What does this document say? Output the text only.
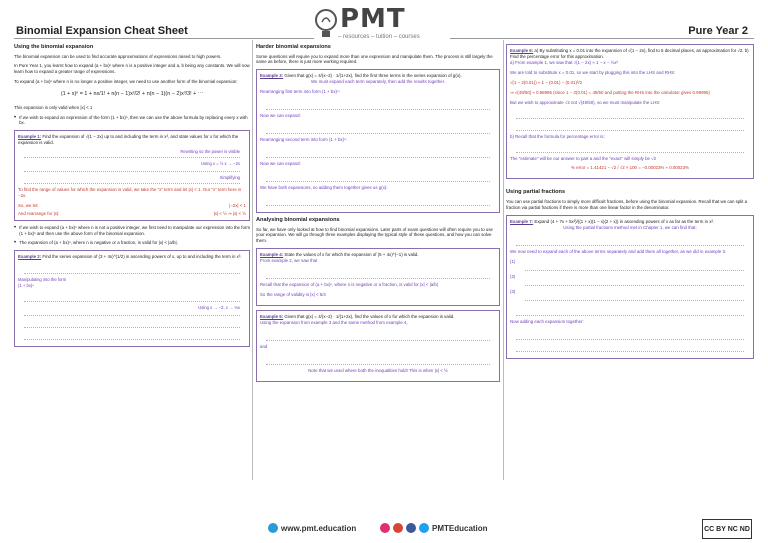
Binomial Expansion Cheat Sheet	PMT
– resources – tuition – courses	Pure Year 2
Using the binomial expansion

The binomial expansion can be used to find accurate approximations of expressions raised to high powers.

In Pure Year 1, you learnt how to expand (a + bx)ⁿ where n is a positive integer and a, b being any constants. We will now learn how to expand a greater range of expressions.

To expand (a + bx)ⁿ where n is no longer a positive integer, we need to use another form of the binomial expansion:

(1 + x)ⁿ = 1 + nx/1! + n(n − 1)x²/2! + n(n − 1)(n − 2)x³/3! + ⋯

This expansion is only valid when |x| < 1

• If we wish to expand an expression of the form (1 + bx)ⁿ, then we can use the above formula by replacing every x with bx.
Example 1: Find the expansion of √(1 − 2x) up to and including the term in x³, and state values for x for which the expansion is valid.
Rewriting so the power is visible
Using x = ½ x → −2x
Simplifying

To find the range of values for which the expansion is valid, we take the "x" term and let |x| < 1. Our "x" term here is −2x.

So, we let:	|−2x| < 1
And rearrange for |x|:	|x| < ½ ⇒ |x| < ½
• If we wish to expand (a + bx)ⁿ where n is not a positive integer, we first need to manipulate our expression into the form (1 + bx)ⁿ and then use the above form of the binomial expansion.
• The expansion of (a + bx)ⁿ, where n is negative or a fraction, is valid for |x| < |a/b|.
Example 2: Find the series expansion of (3 + 4x)^(1/2) in ascending powers of x, up to and including the term in x³.
Manipulating into the form (1 + bx)ⁿ
Using x → −2, x → ⅓x
Harder binomial expansions

Some questions will require you to expand more than one expression and manipulate them. The process is still largely the same as before, there is just more working required.

Example 3: Given that g(x) = 4/(x−2) · 1/(1+2x), find the first three terms in the series expansion of g(x).

We must expand each term separately, then add the results together.

Rearranging first term into form (1 + bx)ⁿ:

Now we can expand:

Rearranging second term into form (1 + bx)ⁿ:

Now we can expand:

We have both expansions, so adding them together gives us g(x):

Analysing binomial expansions

So far, we have only looked at how to find binomial expansions. Later parts of exam questions will often require you to use your expansion. We will go through three examples displaying the typical style of these questions, and how you can solve them.

Example 4: State the values of x for which the expansion of (5 + 4x)^(−1) is valid.

From example 2, we saw that

Recall that the expansion of (a + bx)ⁿ, where n is negative or a fraction, is valid for |x| < |a/b|

So the range of validity is |x| < 5/4

Example 5: Given that g(x) = 4/(x−2) · 1/(1+2x), find the values of x for which the expansion is valid.

Using the expansion from example 3 and the same method from example 4,

and

Note that we used where both the inequalities hold! This is when |x| < ½

Example 6: a) By substituting x = 0.01 into the expansion of √(1 − 2x), find to 5 decimal places, an approximation for √2. b) Find the percentage error for this approximation.

a) From example 1, we saw that √(1 − 2x) ≈ 1 − x − ½x²

We are told to substitute x = 0.01, so we start by plugging this into the LHS and RHS:

√(1 − 2(0.01)) ≈ 1 − (0.01) − (0.01)²/2

⇒ √(49/50) ≈ 0.98995 (since 1 − 2(0.01) = 49/50 and putting the RHS into the calculator gives 0.98995)

But we wish to approximate √2 not √(49/50), so we must manipulate the LHS:

b) Recall that the formula for percentage error is:

The "estimate" will be our answer to part a and the "exact" will simply be √2

% error = 1.41421 − √2 / √2 × 100 = −0.00023% ≈ 0.00023%

Using partial fractions

You can use partial fractions to simply more difficult fractions, before using the binomial expansion. Recall that we can split a fraction via partial fractions if there is more than one linear factor in the denominator.

Example 7: Expand (4 + 7x + 5x²)/((1 + x)(1 − x)(2 + x)) in ascending powers of x as far as the term in x².

Using the partial fractions method met in Chapter 1, we can find that:

We now need to expand each of the above terms separately and add them all together, as we did in example 3.

(1)
(2)
(3)

Now adding each expansion together:

www.pmt.education	PMTEducation	CC BY NC ND
